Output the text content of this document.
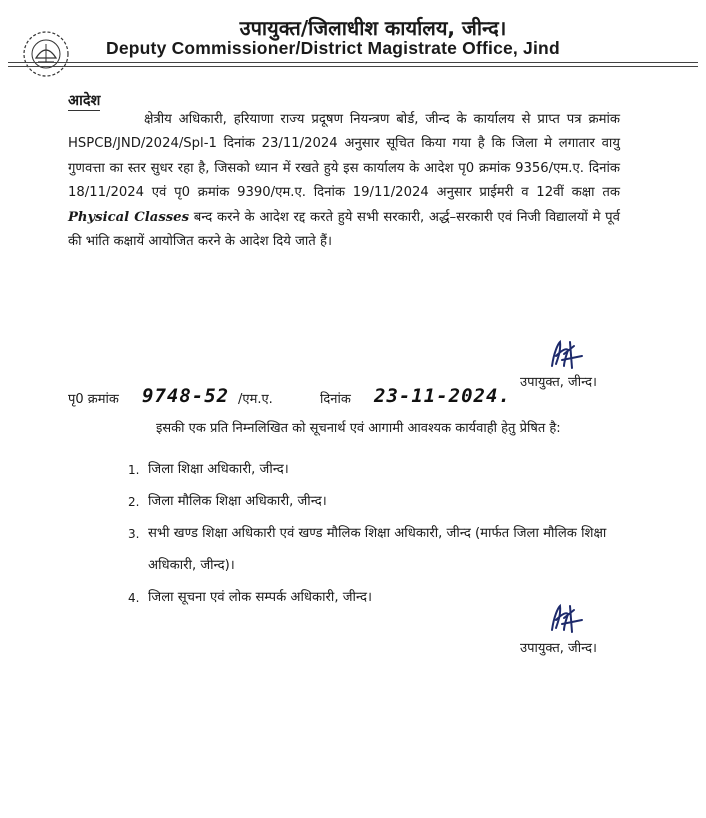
उपायुक्त/जिलाधीश कार्यालय, जीन्द।
Deputy Commissioner/District Magistrate Office, Jind
आदेश
क्षेत्रीय अधिकारी, हरियाणा राज्य प्रदूषण नियन्त्रण बोर्ड, जीन्द के कार्यालय से प्राप्त पत्र क्रमांक HSPCB/JND/2024/Spl-1 दिनांक 23/11/2024 अनुसार सूचित किया गया है कि जिला मे लगातार वायु गुणवत्ता का स्तर सुधर रहा है, जिसको ध्यान में रखते हुये इस कार्यालय के आदेश पृ0 क्रमांक 9356/एम.ए. दिनांक 18/11/2024 एवं पृ0 क्रमांक 9390/एम.ए. दिनांक 19/11/2024 अनुसार प्राईमरी व 12वीं कक्षा तक Physical Classes बन्द करने के आदेश रद्द करते हुये सभी सरकारी, अर्द्ध–सरकारी एवं निजी विद्यालयों मे पूर्व की भांति कक्षायें आयोजित करने के आदेश दिये जाते हैं।
उपायुक्त, जीन्द।
पृ0 क्रमांक 9748-52 /एम.ए.	दिनांक 23-11-2024.
इसकी एक प्रति निम्नलिखित को सूचनार्थ एवं आगामी आवश्यक कार्यवाही हेतु प्रेषित है:
1. जिला शिक्षा अधिकारी, जीन्द।
2. जिला मौलिक शिक्षा अधिकारी, जीन्द।
3. सभी खण्ड शिक्षा अधिकारी एवं खण्ड मौलिक शिक्षा अधिकारी, जीन्द (मार्फत जिला मौलिक शिक्षा अधिकारी, जीन्द)।
4. जिला सूचना एवं लोक सम्पर्क अधिकारी, जीन्द।
उपायुक्त, जीन्द।
